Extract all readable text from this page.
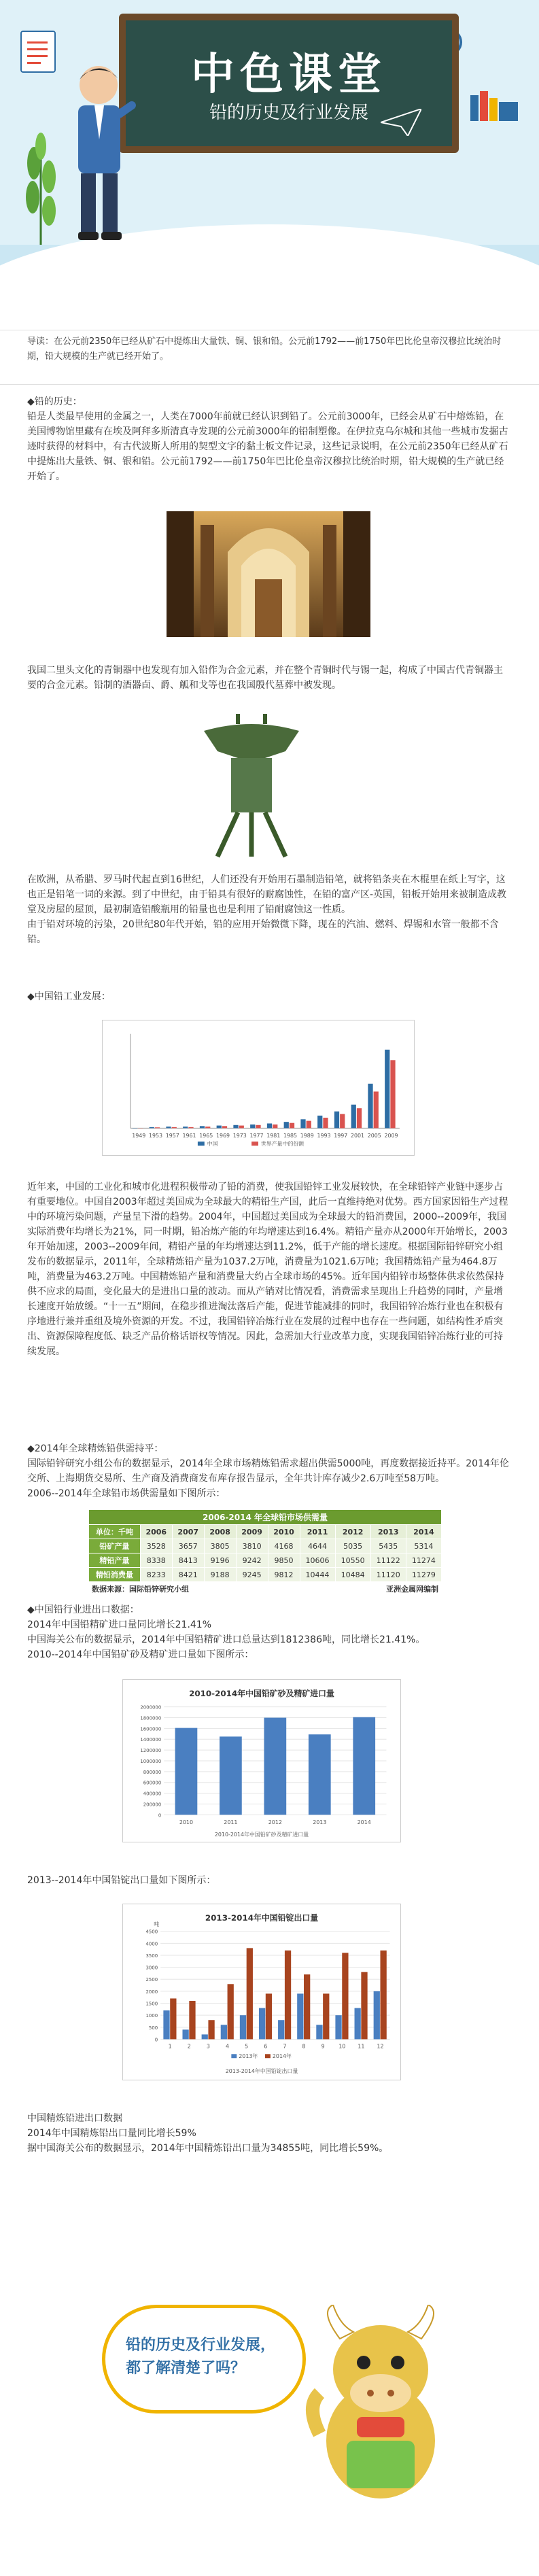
中色课堂
铅的历史及行业发展
导读：在公元前2350年已经从矿石中提炼出大量铁、铜、银和铅。公元前1792——前1750年巴比伦皇帝汉穆拉比统治时期，铅大规模的生产就已经开始了。
◆铅的历史：
铅是人类最早使用的金属之一，人类在7000年前就已经认识到铅了。公元前3000年，已经会从矿石中熔炼铅，在美国博物馆里藏有在埃及阿拜多斯清真寺发现的公元前3000年的铅制塑像。在伊拉克乌尔城和其他一些城市发掘古迹时获得的材料中，有古代波斯人所用的契型文字的黏土板文件记录，这些记录说明，在公元前2350年已经从矿石中提炼出大量铁、铜、银和铅。公元前1792——前1750年巴比伦皇帝汉穆拉比统治时期，铅大规模的生产就已经开始了。
我国二里头文化的青铜器中也发现有加入铅作为合金元素，并在整个青铜时代与锡一起，构成了中国古代青铜器主要的合金元素。铅制的酒器卣、爵、觚和戈等也在我国殷代墓葬中被发现。
在欧洲，从希腊、罗马时代起直到16世纪，人们还没有开始用石墨制造铅笔，就将铅条夹在木棍里在纸上写字，这也正是铅笔一词的来源。到了中世纪，由于铅具有很好的耐腐蚀性，在铅的富产区-英国，铅板开始用来被制造成教堂及房屋的屋顶，最初制造铅酸瓶用的铅量也也是利用了铅耐腐蚀这一性质。
由于铅对环境的污染，20世纪80年代开始，铅的应用开始微微下降，现在的汽油、燃料、焊锡和水管一般都不含铅。
◆中国铅工业发展：
1949 1953 1957 1961 1965 1969 1973 1977 1981 1985 1989 1993 1997 2001 2005 2009
中国	世界产量中的份额
近年来，中国的工业化和城市化进程积极带动了铅的消费，使我国铅锌工业发展较快，在全球铅锌产业链中逐步占有重要地位。中国自2003年超过美国成为全球最大的精铅生产国，此后一直维持绝对优势。西方国家因铅生产过程中的环境污染问题，产量呈下滑的趋势。2004年，中国超过美国成为全球最大的铅消费国，2000--2009年，我国实际消费年均增长为21%，同一时期，铅冶炼产能的年均增速达到16.4%。精铅产量亦从2000年开始增长，2003年开始加速，2003--2009年间，精铅产量的年均增速达到11.2%，低于产能的增长速度。根据国际铅锌研究小组发布的数据显示，2011年，全球精炼铅产量为1037.2万吨，消费量为1021.6万吨；我国精炼铅产量为464.8万吨，消费量为463.2万吨。中国精炼铅产量和消费量大约占全球市场的45%。近年国内铅锌市场整体供求依然保持供不应求的局面，变化最大的是进出口量的波动。而从产销对比情况看，消费需求呈现出上升趋势的同时，产量增长速度开始放缓。“十一五”期间，在稳步推进淘汰落后产能，促进节能减排的同时，我国铅锌冶炼行业也在积极有序地进行兼并重组及境外资源的开发。不过，我国铅锌冶炼行业在发展的过程中也存在一些问题，如结构性矛盾突出、资源保障程度低、缺乏产品价格话语权等情况。因此，急需加大行业改革力度，实现我国铅锌冶炼行业的可持续发展。
◆2014年全球精炼铅供需持平：
国际铅锌研究小组公布的数据显示，2014年全球市场精炼铅需求超出供需5000吨，再度数据接近持平。2014年伦交所、上海期货交易所、生产商及消费商发布库存报告显示，全年共计库存减少2.6万吨至58万吨。
2006--2014年全球铅市场供需量如下图所示：
2006-2014 年全球铅市场供需量									
单位：千吨	2006	2007	2008	2009	2010	2011	2012	2013	2014
铅矿产量	3528	3657	3805	3810	4168	4644	5035	5435	5314
精铅产量	8338	8413	9196	9242	9850	10606	10550	11122	11274
精铅消费量	8233	8421	9188	9245	9812	10444	10484	11120	11279
数据来源：国际铅锌研究小组					亚洲金属网编制				
◆中国铅行业进出口数据：
2014年中国铅精矿进口量同比增长21.41%
中国海关公布的数据显示，2014年中国铅精矿进口总量达到1812386吨，同比增长21.41%。
2010--2014年中国铅矿砂及精矿进口量如下图所示：
2010-2014年中国铅矿砂及精矿进口量
0
200000
400000
600000
800000
1000000
1200000
1400000
1600000
1800000
2000000
2010	2011	2012	2013	2014
2010-2014年中国铅矿砂及精矿进口量
2013--2014年中国铅锭出口量如下图所示：
2013-2014年中国铅锭出口量
吨
0
500
1000
1500
2000
2500
3000
3500
4000
4500
1	2	3	4	5	6	7	8	9	10 11 12
2013年	2014年
2013-2014年中国铅锭出口量
中国精炼铅进出口数据
2014年中国精炼铅出口量同比增长59%
据中国海关公布的数据显示，2014年中国精炼铅出口量为34855吨，同比增长59%。
铅的历史及行业发展，
都了解清楚了吗？
